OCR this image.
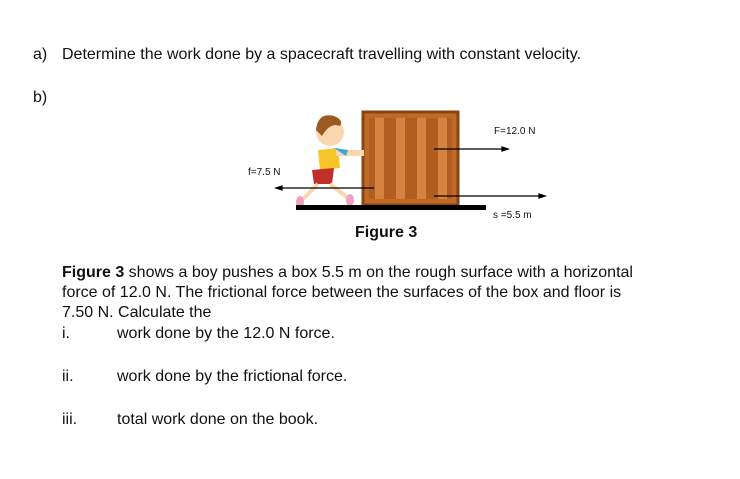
a) Determine the work done by a spacecraft travelling with constant velocity.
b)
F=12.0 N
f=7.5 N
s =5.5 m
Figure 3
Figure 3 shows a boy pushes a box 5.5 m on the rough surface with a horizontal
force of 12.0 N. The frictional force between the surfaces of the box and floor is
7.50 N. Calculate the
i.	work done by the 12.0 N force.
ii.	work done by the frictional force.
iii. total work done on the book.
